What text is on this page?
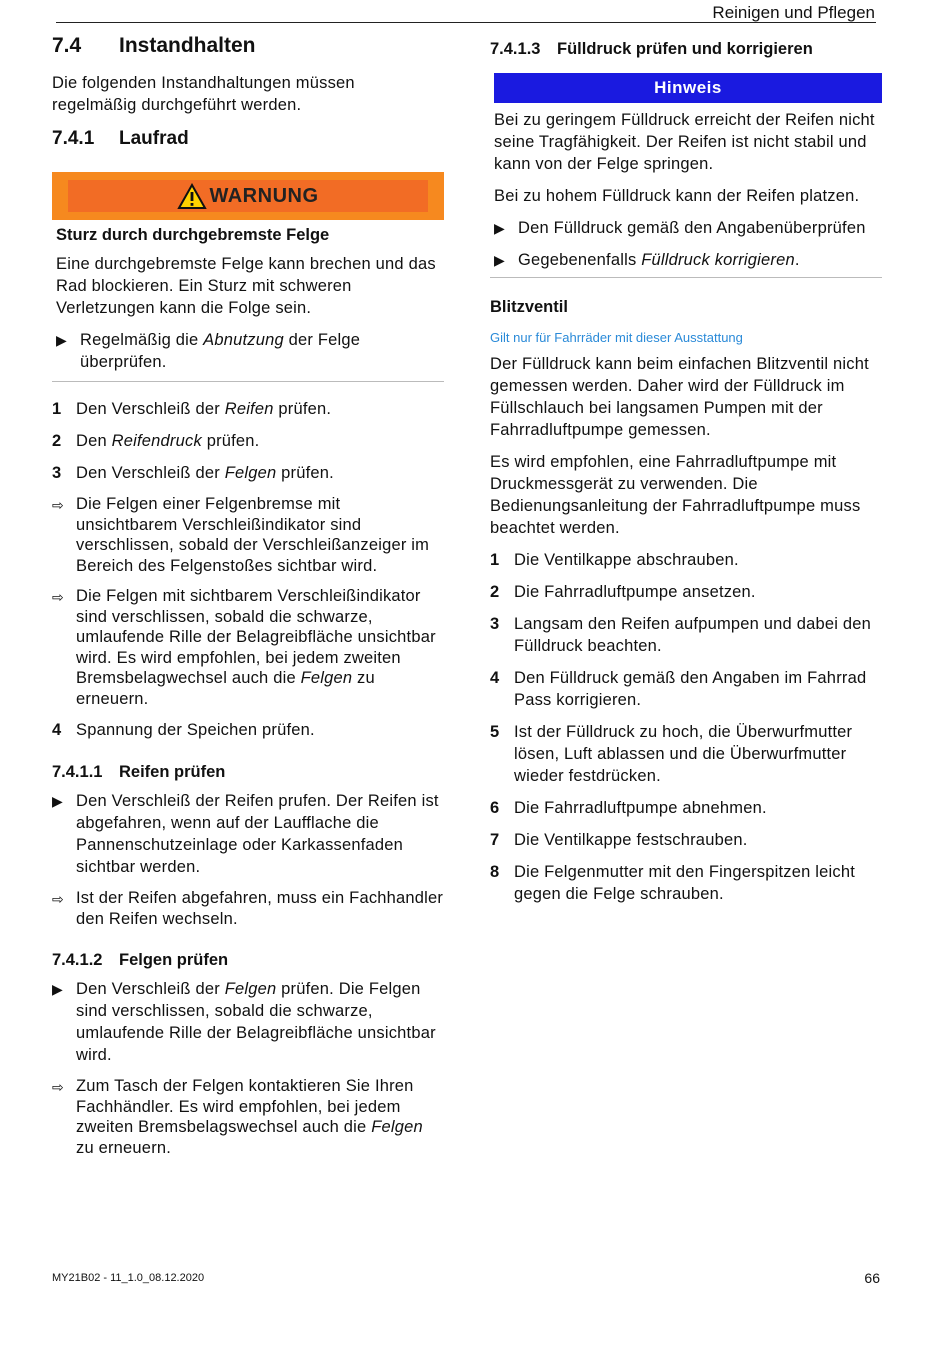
Reinigen und Pflegen
7.4	Instandhalten

Die folgenden Instandhaltungen müssen regelmäßig durchgeführt werden.

7.4.1	Laufrad
WARNUNG
Sturz durch durchgebremste Felge

Eine durchgebremste Felge kann brechen und das Rad blockieren. Ein Sturz mit schweren Verletzungen kann die Folge sein.

▶ Regelmäßig die Abnutzung der Felge überprüfen.

1 Den Verschleiß der Reifen prüfen.

2 Den Reifendruck prüfen.

3 Den Verschleiß der Felgen prüfen.

⇨ Die Felgen einer Felgenbremse mit unsichtbarem Verschleißindikator sind verschlissen, sobald der Verschleißanzeiger im Bereich des Felgenstoßes sichtbar wird.

⇨ Die Felgen mit sichtbarem Verschleißindikator sind verschlissen, sobald die schwarze, umlaufende Rille der Belagreibfläche unsichtbar wird. Es wird empfohlen, bei jedem zweiten Bremsbelagwechsel auch die Felgen zu erneuern.

4 Spannung der Speichen prüfen.

7.4.1.1	Reifen prüfen
▶ Den Verschleiß der Reifen prufen. Der Reifen ist abgefahren, wenn auf der Laufflache die Pannenschutzeinlage oder Karkassenfaden sichtbar werden.

⇨ Ist der Reifen abgefahren, muss ein Fachhandler den Reifen wechseln.

7.4.1.2	Felgen prüfen
▶ Den Verschleiß der Felgen prüfen. Die Felgen sind verschlissen, sobald die schwarze, umlaufende Rille der Belagreibfläche unsichtbar wird.

⇨ Zum Tasch der Felgen kontaktieren Sie Ihren Fachhändler. Es wird empfohlen, bei jedem zweiten Bremsbelagswechsel auch die Felgen zu erneuern.

7.4.1.3	Fülldruck prüfen und korrigieren
Hinweis

Bei zu geringem Fülldruck erreicht der Reifen nicht seine Tragfähigkeit. Der Reifen ist nicht stabil und kann von der Felge springen.

Bei zu hohem Fülldruck kann der Reifen platzen.

▶ Den Fülldruck gemäß den Angabenüberprüfen

▶ Gegebenenfalls Fülldruck korrigieren.

Blitzventil
Gilt nur für Fahrräder mit dieser Ausstattung

Der Fülldruck kann beim einfachen Blitzventil nicht gemessen werden. Daher wird der Fülldruck im Füllschlauch bei langsamen Pumpen mit der Fahrradluftpumpe gemessen.

Es wird empfohlen, eine Fahrradluftpumpe mit Druckmessgerät zu verwenden. Die Bedienungsanleitung der Fahrradluftpumpe muss beachtet werden.

1 Die Ventilkappe abschrauben.

2 Die Fahrradluftpumpe ansetzen.

3 Langsam den Reifen aufpumpen und dabei den Fülldruck beachten.

4 Den Fülldruck gemäß den Angaben im Fahrrad Pass korrigieren.

5 Ist der Fülldruck zu hoch, die Überwurfmutter lösen, Luft ablassen und die Überwurfmutter wieder festdrücken.

6 Die Fahrradluftpumpe abnehmen.

7 Die Ventilkappe festschrauben.

8 Die Felgenmutter mit den Fingerspitzen leicht gegen die Felge schrauben.

MY21B02 - 11_1.0_08.12.2020	66
